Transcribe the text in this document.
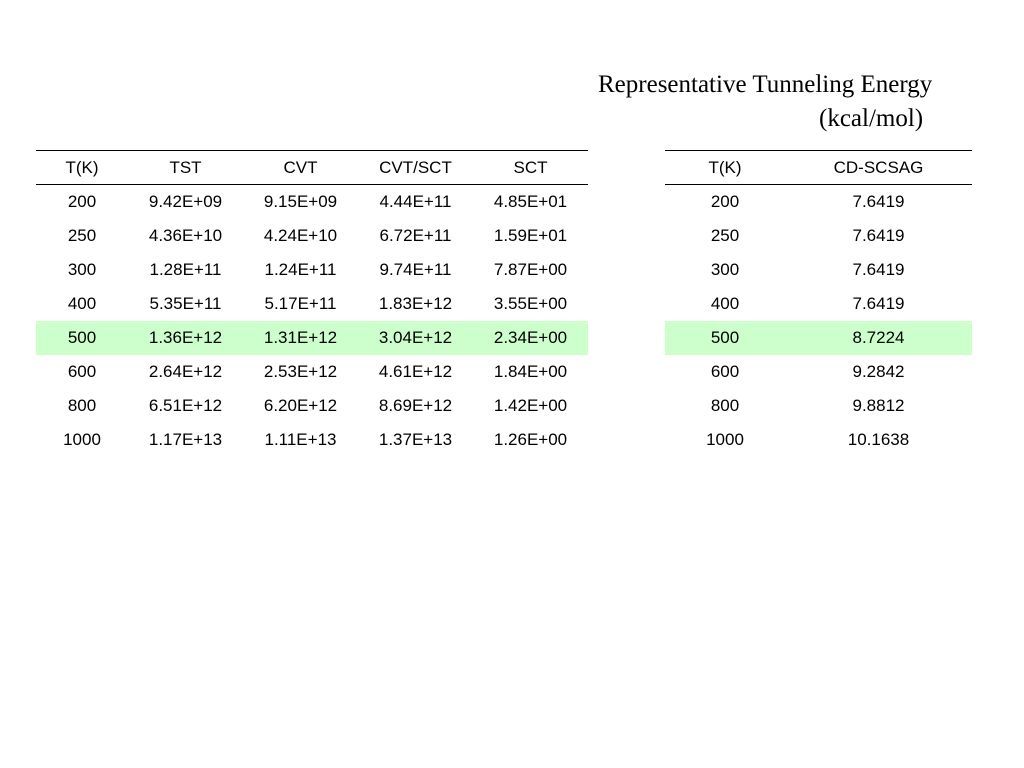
Representative Tunneling Energy
(kcal/mol)
T(K)	TST	CVT	CVT/SCT	SCT
200	9.42E+09	9.15E+09	4.44E+11	4.85E+01
250	4.36E+10	4.24E+10	6.72E+11	1.59E+01
300	1.28E+11	1.24E+11	9.74E+11	7.87E+00
400	5.35E+11	5.17E+11	1.83E+12	3.55E+00
500	1.36E+12	1.31E+12	3.04E+12	2.34E+00
600	2.64E+12	2.53E+12	4.61E+12	1.84E+00
800	6.51E+12	6.20E+12	8.69E+12	1.42E+00
1000	1.17E+13	1.11E+13	1.37E+13	1.26E+00
T(K)	CD-SCSAG
200	7.6419
250	7.6419
300	7.6419
400	7.6419
500	8.7224
600	9.2842
800	9.8812
1000	10.1638
